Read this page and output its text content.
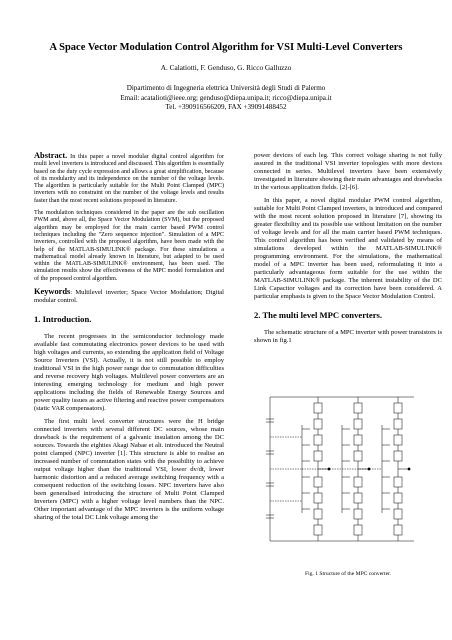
A Space Vector Modulation Control Algorithm for VSI Multi-Level Converters
A. Calatiotti, F. Genduso, G. Ricco Galluzzo
Dipartimento di Ingegneria elettrica Università degli Studi di Palermo
Email: acatalioti@ieee.org; genduso@diepa.unipa.it; ricco@diepa.unipa.it
Tel. +390916566209, FAX +39091488452

Abstract. In this paper a novel modular digital control algorithm for multi level inverters is introduced and discussed. This algorithm is essentially based on the duty cycle expression and allows a great simplification, because of its modularity and its independence on the number of the voltage levels. The algorithm is particularly suitable for the Multi Point Clamped (MPC) inverters with no constraint on the number of the voltage levels and results faster than the most recent solutions proposed in literature.

The modulation techniques considered in the paper are the sub oscillation PWM and, above all, the Space Vector Modulation (SVM), but the proposed algorithm may be employed for the main carrier based PWM control techniques including the "Zero sequence injection". Simulation of a MPC inverters, controlled with the proposed algorithm, have been made with the help of the MATLAB-SIMULINK® package. For these simulations a mathematical model already known in literature, but adapted to be used within the MATLAB-SIMULINK® environment, has been used. The simulation results show the effectiveness of the MPC model formulation and of the proposed control algorithm.

Keywords: Multilevel inverter; Space Vector Modulation; Digital modular control.

1. Introduction.

The recent progresses in the semiconductor technology made available fast commutating electronics power devices to be used with high voltages and currents, so extending the application field of Voltage Source Inverters (VSI). Actually, it is not still possible to employ traditional VSI in the high power range due to commutation difficulties and reverse recovery high voltages. Multilevel power converters are an interesting emerging technology for medium and high power applications including the fields of Renewable Energy Sources and power quality issues as active filtering and reactive power compensators (static VAR compensators).

The first multi level converter structures were the H bridge connected inverters with several different DC sources, whose main drawback is the requirement of a galvanic insulation among the DC sources. Towards the eighties Akagi Nabae et alt. introduced the Neutral point clamped (NPC) inverter [1]. This structure is able to realise an increased number of commutation states with the possibility to achieve output voltage higher than the traditional VSI, lower dv/dt, lower harmonic distortion and a reduced average switching frequency with a consequent reduction of the switching losses. NPC inverters have also been generalised introducing the structure of Multi Point Clamped Inverters (MPC) with a higher voltage level numbers than the NPC. Other important advantage of the MPC inverters is the uniform voltage sharing of the total DC Link voltage among the

power devices of each leg. This correct voltage sharing is not fully assured in the traditional VSI inverter topologies with more devices connected in series. Multilevel inverters have been extensively investigated in literature showing their main advantages and drawbacks in the various application fields. [2]-[6].

In this paper, a novel digital modular PWM control algorithm, suitable for Multi Point Clamped inverters, is introduced and compared with the most recent solution proposed in literature [7], showing its greater flexibility and its possible use without limitation on the number of voltage levels and for all the main carrier based PWM techniques. This control algorithm has been verified and validated by means of simulations developed within the MATLAB-SIMULINK® programming environment. For the simulations, the mathematical model of a MPC inverter has been used, reformulating it into a particularly advantageous form suitable for the use within the MATLAB-SIMULINK® package. The inherent instability of the DC Link Capacitor voltages and its correction have been considered. A particular emphasis is given to the Space Vector Modulation Control.

2. The multi level MPC converters.

The schematic structure of a MPC inverter with power transistors is shown in fig.1

Fig. 1 Structure of the MPC converter.
